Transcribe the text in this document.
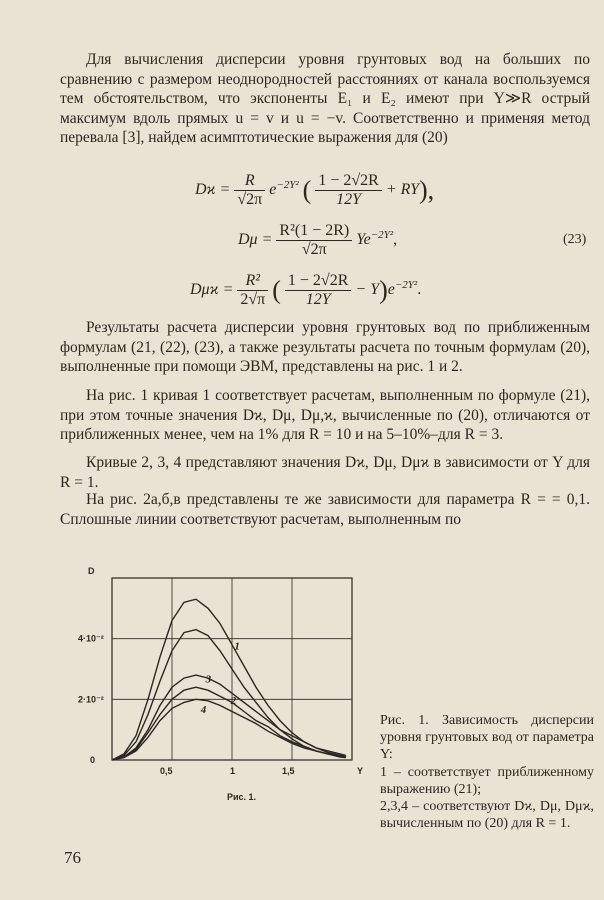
Для вычисления дисперсии уровня грунтовых вод на больших по сравнению с размером неоднородностей расстояниях от канала воспользуемся тем обстоятельством, что экспоненты E₁ и E₂ имеют при Y≫R острый максимум вдоль прямых u = v и u = −v. Соответственно и применяя метод перевала [3], найдем асимптотические выражения для (20)
$Dϰ = \frac{R}{√2\pi} e^{-2Y^2}$ ( $\frac{1 - 2√2R}{12Y} + RY$),
$D\mu = \frac{\text{R²(1 − 2R)}}{√2\pi} Ye^{-2Y^2}$,	(23)
$D\mu ϰ = \frac{\text{R²}}{2√\pi}$ ( $\frac{1 - 2√2R}{12Y} - Y)e^{-2Y^2}$.
Результаты расчета дисперсии уровня грунтовых вод по приближенным формулам (21, (22), (23), а также результаты расчета по точным формулам (20), выполненные при помощи ЭВМ, представлены на рис. 1 и 2.
На рис. 1 кривая 1 соответствует расчетам, выполненным по формуле (21), при этом точные значения Dϰ, Dμ, Dμ,ϰ, вычисленные по (20), отличаются от приближенных менее, чем на 1% для R = 10 и на 5–10%–для R = 3.
Кривые 2, 3, 4 представляют значения Dϰ, Dμ, Dμϰ в зависимости от Y для R = 1.
На рис. 2а,б,в представлены те же зависимости для параметра R = = 0,1. Сплошные линии соответствуют расчетам, выполненным по
D
Y
4·10⁻²
2·10⁻²
0
0,5	1	1,5
1
2
3
4
Рис. 1.
Рис. 1. Зависимость дисперсии уровня грунтовых вод от параметра Y:
1 – соответствует приближенному выражению (21);
2,3,4 – соответствуют Dϰ, Dμ, Dμϰ, вычисленным по (20) для R = 1.
76
